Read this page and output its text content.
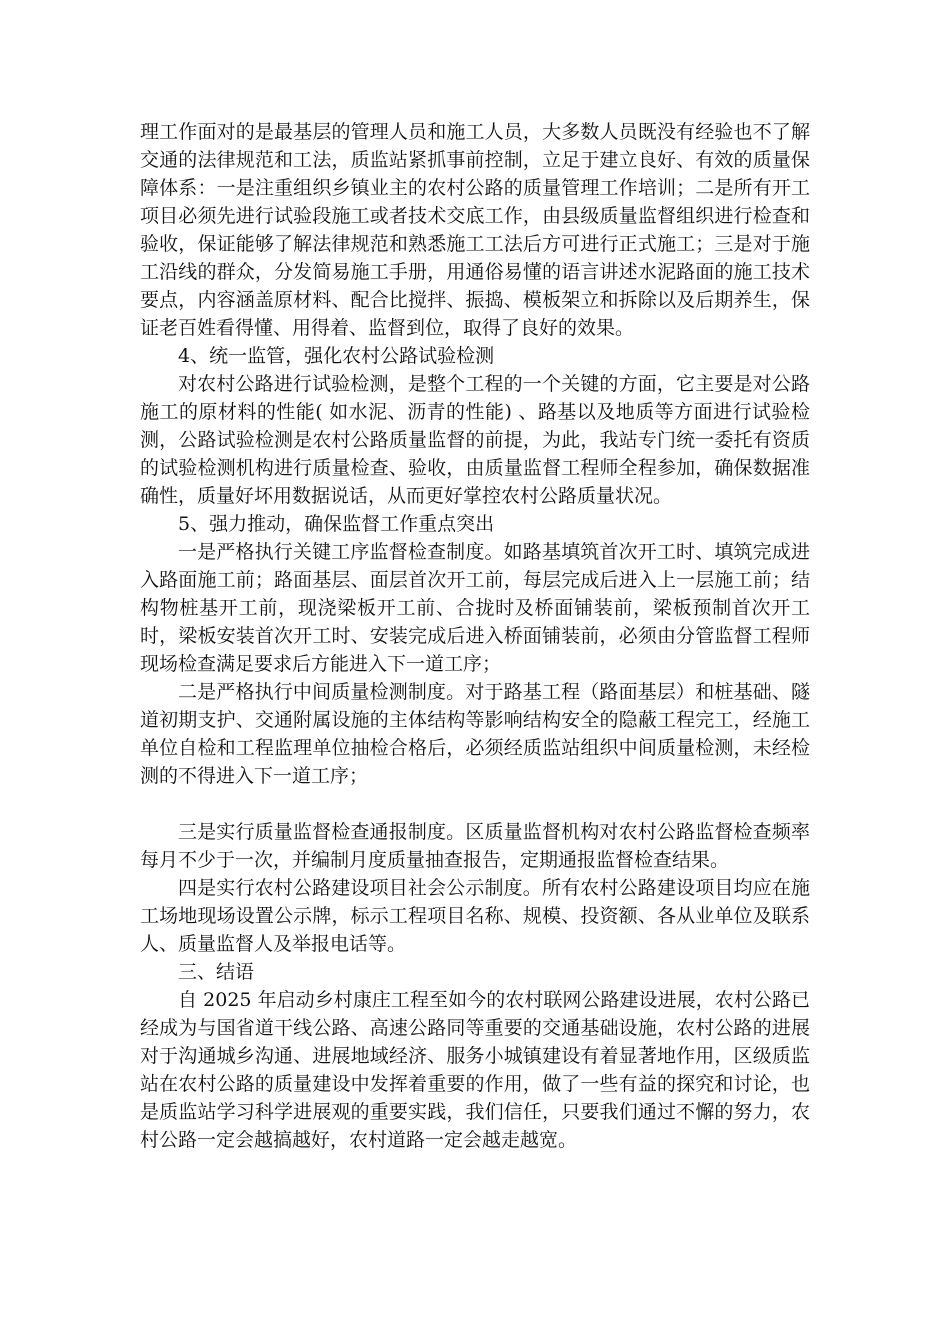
理工作面对的是最基层的管理人员和施工人员，大多数人员既没有经验也不了解交通的法律规范和工法，质监站紧抓事前控制，立足于建立良好、有效的质量保障体系：一是注重组织乡镇业主的农村公路的质量管理工作培训；二是所有开工项目必须先进行试验段施工或者技术交底工作，由县级质量监督组织进行检查和验收，保证能够了解法律规范和熟悉施工工法后方可进行正式施工；三是对于施工沿线的群众，分发简易施工手册，用通俗易懂的语言讲述水泥路面的施工技术要点，内容涵盖原材料、配合比搅拌、振捣、模板架立和拆除以及后期养生，保证老百姓看得懂、用得着、监督到位，取得了良好的效果。

4、统一监管，强化农村公路试验检测

对农村公路进行试验检测，是整个工程的一个关键的方面，它主要是对公路施工的原材料的性能( 如水泥、沥青的性能) 、路基以及地质等方面进行试验检测，公路试验检测是农村公路质量监督的前提，为此，我站专门统一委托有资质的试验检测机构进行质量检查、验收，由质量监督工程师全程参加，确保数据准确性，质量好坏用数据说话，从而更好掌控农村公路质量状况。

5、强力推动，确保监督工作重点突出

一是严格执行关键工序监督检查制度。如路基填筑首次开工时、填筑完成进入路面施工前；路面基层、面层首次开工前，每层完成后进入上一层施工前；结构物桩基开工前，现浇梁板开工前、合拢时及桥面铺装前，梁板预制首次开工时，梁板安装首次开工时、安装完成后进入桥面铺装前，必须由分管监督工程师现场检查满足要求后方能进入下一道工序；

二是严格执行中间质量检测制度。对于路基工程（路面基层）和桩基础、隧道初期支护、交通附属设施的主体结构等影响结构安全的隐蔽工程完工，经施工单位自检和工程监理单位抽检合格后，必须经质监站组织中间质量检测，未经检测的不得进入下一道工序；

三是实行质量监督检查通报制度。区质量监督机构对农村公路监督检查频率每月不少于一次，并编制月度质量抽查报告，定期通报监督检查结果。

四是实行农村公路建设项目社会公示制度。所有农村公路建设项目均应在施工场地现场设置公示牌，标示工程项目名称、规模、投资额、各从业单位及联系人、质量监督人及举报电话等。

三、结语

自 2025 年启动乡村康庄工程至如今的农村联网公路建设进展，农村公路已经成为与国省道干线公路、高速公路同等重要的交通基础设施，农村公路的进展对于沟通城乡沟通、进展地域经济、服务小城镇建设有着显著地作用，区级质监站在农村公路的质量建设中发挥着重要的作用，做了一些有益的探究和讨论，也是质监站学习科学进展观的重要实践，我们信任，只要我们通过不懈的努力，农村公路一定会越搞越好，农村道路一定会越走越宽。
